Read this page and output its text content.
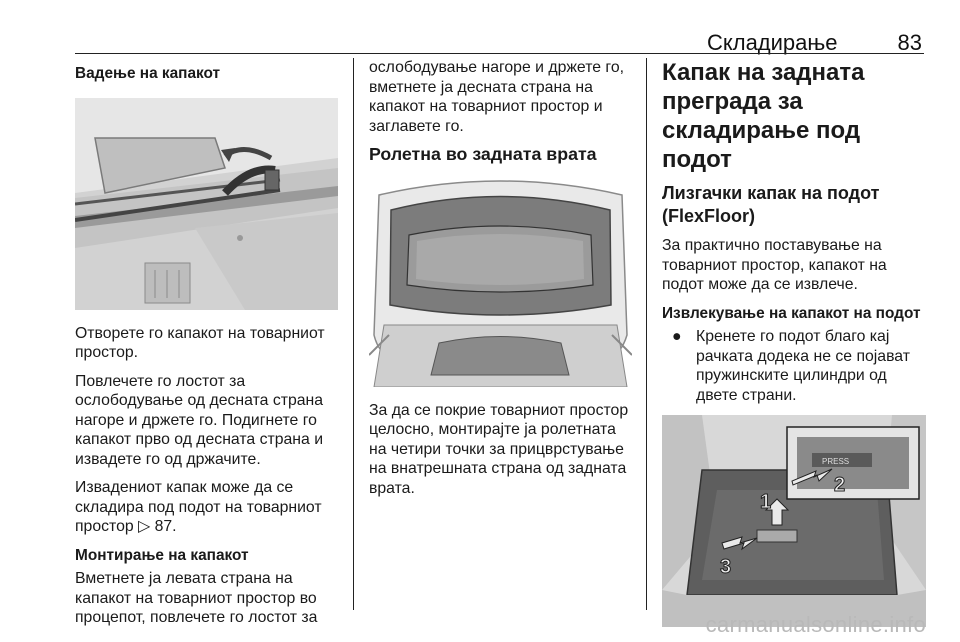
Складирање	83
Вадење на капакот

Отворете го капакот на товарниот простор.

Повлечете го лостот за ослободување од десната страна нагоре и држете го. Подигнете го капакот прво од десната страна и извадете го од држачите.

Извадениот капак може да се складира под подот на товарниот простор ▷ 87.

Монтирање на капакот

Вметнете ја левата страна на капакот на товарниот простор во процепот, повлечете го лостот за

ослободување нагоре и држете го, вметнете ја десната страна на капакот на товарниот простор и заглавете го.

Ролетна во задната врата

За да се покрие товарниот простор целосно, монтирајте ја ролетната на четири точки за прицврстување на внатрешната страна од задната врата.

Капак на задната преграда за складирање под подот
Лизгачки капак на подот (FlexFloor)

За практично поставување на товарниот простор, капакот на подот може да се извлече.

Извлекување на капакот на подот
● Кренете го подот благо кај рачката додека не се појават пружинските цилиндри од двете страни.
PRESS
1
2
3
carmanualsonline.info
